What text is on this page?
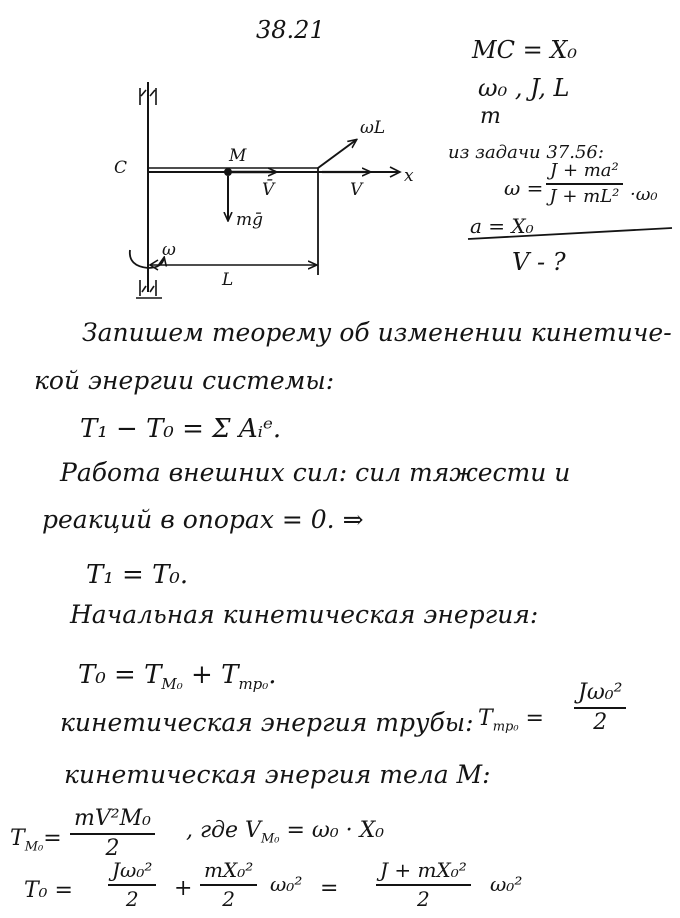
38.21
C
M
V̄	V
x
mḡ
ωL
ω
L
MC = X₀
ω₀ , J, L
m
из задачи 37.56:
$\omega = \frac{\text{J + ma²}}{\text{J + mL²}} \cdot\omega_0$
a = X₀
V - ?
Запишем теорему об изменении кинетиче-
кой энергии системы:
T₁ − T₀ = Σ Aᵢᵉ.
Работа внешних сил: сил тяжести и
реакций в опорах = 0. ⇒
T₁ = T₀.
Начальная кинетическая энергия:
$T_0 = T_{M_0} + T_{тр_0}$.
кинетическая энергия трубы: $T_{тр_0} = \frac{\text{Jω₀²}}{2}$
кинетическая энергия тела M:
$T_{M_0}= \frac{\text{mV²M₀}}{2}$ , где $V_{M_0} = \omega_0 \cdot X_0$
$T_0 = \frac{\text{Jω₀²}}{2} + \frac{\text{mX₀²}}{2} \omega_0^2 = \frac{\text{J + mX₀²}}{2} \omega_0^2$
